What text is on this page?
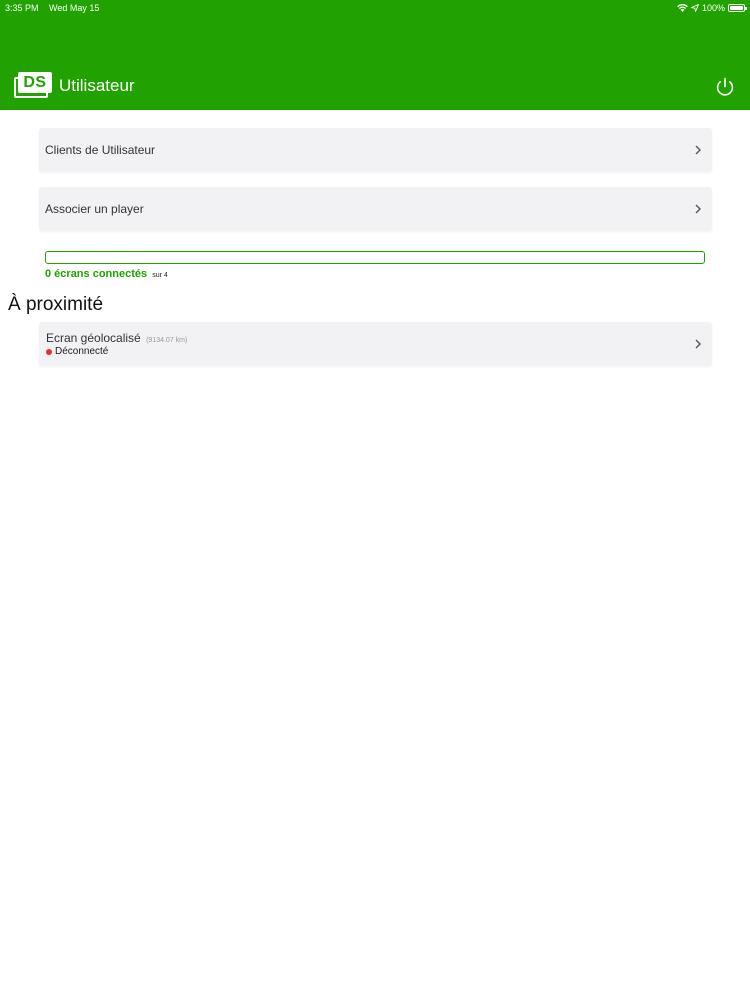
3:35 PM Wed May 15	100%
DS Utilisateur
Clients de Utilisateur
Associer un player
0 écrans connectés sur 4
À proximité
Ecran géolocalisé (9134.07 km)
Déconnecté
